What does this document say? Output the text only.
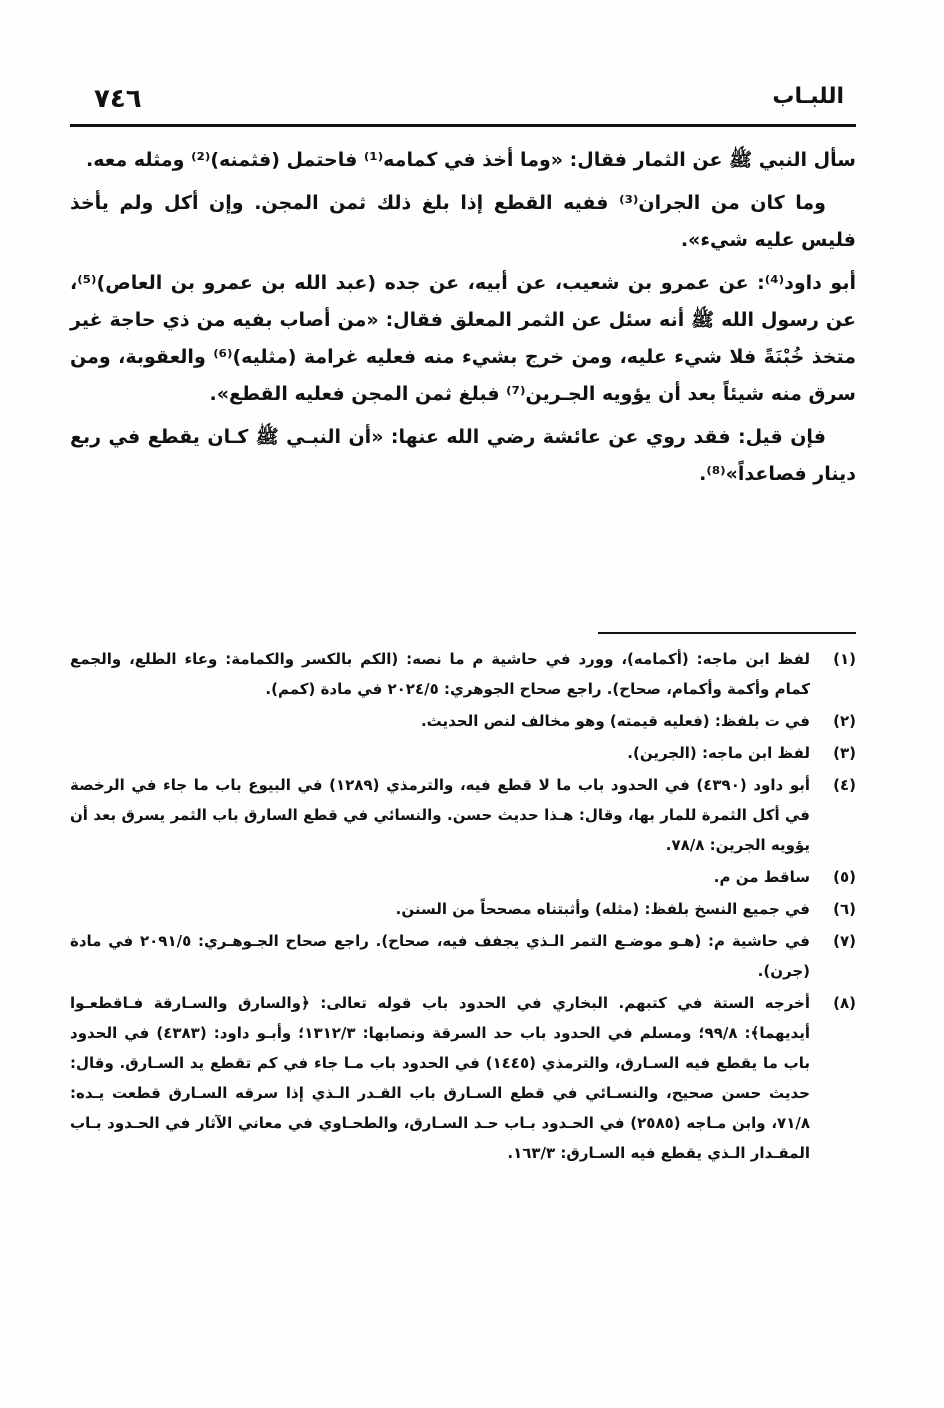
٧٤٦	اللبـاب

سأل النبي ﷺ عن الثمار فقال: «وما أخذ في كمامه⁽¹⁾ فاحتمل (فثمنه)⁽²⁾ ومثله معه.

وما كان من الجران⁽³⁾ ففيه القطع إذا بلغ ذلك ثمن المجن. وإن أكل ولم يأخذ فليس عليه شيء».

أبو داود⁽⁴⁾: عن عمرو بن شعيب، عن أبيه، عن جده (عبد الله بن عمرو بن العاص)⁽⁵⁾، عن رسول الله ﷺ أنه سئل عن الثمر المعلق فقال: «من أصاب بفيه من ذي حاجة غير متخذ خُبْنَةً فلا شيء عليه، ومن خرج بشيء منه فعليه غرامة (مثليه)⁽⁶⁾ والعقوبة، ومن سرق منه شيئاً بعد أن يؤويه الجـرين⁽⁷⁾ فبلغ ثمن المجن فعليه القطع».

فإن قيل: فقد روي عن عائشة رضي الله عنها: «أن النبـي ﷺ كـان يقطع في ربع دينار فصاعداً»⁽⁸⁾.

(١)
لفظ ابن ماجه: (أكمامه)، وورد في حاشية م ما نصه: (الكم بالكسر والكمامة: وعاء الطلع، والجمع كمام وأكمة وأكمام، صحاح). راجع صحاح الجوهري: ٢٠٢٤/٥ في مادة (كمم).
(٢)
في ت بلفظ: (فعليه قيمته) وهو مخالف لنص الحديث.
(٣)
لفظ ابن ماجه: (الجرين).
(٤)
أبو داود (٤٣٩٠) في الحدود باب ما لا قطع فيه، والترمذي (١٢٨٩) في البيوع باب ما جاء في الرخصة في أكل الثمرة للمار بها، وقال: هـذا حديث حسن. والنسائي في قطع السارق باب الثمر يسرق بعد أن يؤويه الجرين: ٧٨/٨.
(٥)
ساقط من م.
(٦)
في جميع النسخ بلفظ: (مثله) وأثبتناه مصححاً من السنن.
(٧)
في حاشية م: (هـو موضـع التمر الـذي يجفف فيه، صحاح). راجع صحاح الجـوهـري: ٢٠٩١/٥ في مادة (جرن).
(٨)
أخرجه الستة في كتبهم. البخاري في الحدود باب قوله تعالى: ﴿والسارق والسـارقة فـاقطعـوا أيديهما﴾: ٩٩/٨؛ ومسلم في الحدود باب حد السرقة ونصابها: ١٣١٢/٣؛ وأبـو داود: (٤٣٨٣) في الحدود باب ما يقطع فيه السـارق، والترمذي (١٤٤٥) في الحدود باب مـا جاء في كم تقطع يد السـارق. وقال: حديث حسن صحيح، والنسـائي في قطع السـارق باب القـدر الـذي إذا سرقه السـارق قطعت يـده: ٧١/٨، وابن مـاجه (٢٥٨٥) في الحـدود بـاب حـد السـارق، والطحـاوي في معاني الآثار في الحـدود بـاب المقـدار الـذي يقطع فيه السـارق: ١٦٣/٣.
